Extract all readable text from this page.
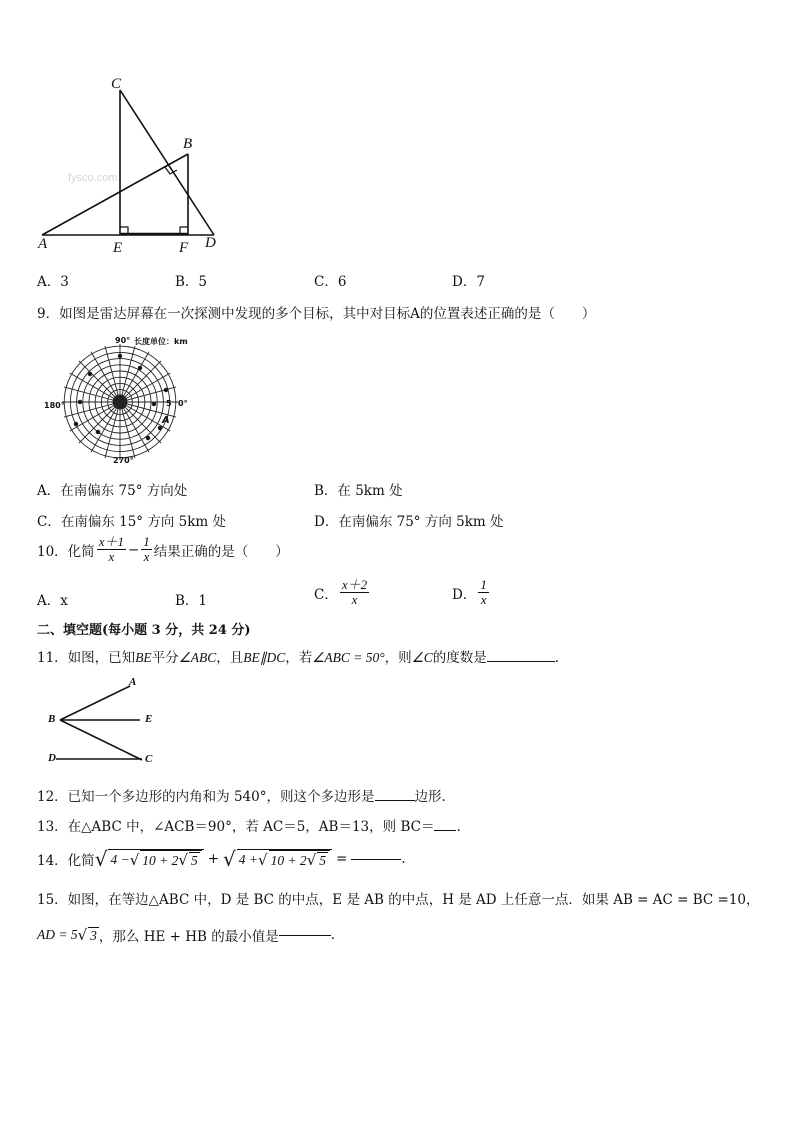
C
B
A	E	F D
fysco.com
A．3	B．5	C．6	D．7
9．如图是雷达屏幕在一次探测中发现的多个目标，其中对目标A的位置表述正确的是（　　）
长度单位：km
90°
180°	0°
270°
5
A
A．在南偏东 75° 方向处	B．在 5km 处
C．在南偏东 15° 方向 5km 处	D．在南偏东 75° 方向 5km 处
10．化简 $\frac{x+1}{x} - \frac{1}{x}$ 结果正确的是（　　）
A．x	B．1	C． $\frac{x+2}{x}$	D． $\frac{1}{x}$
二、填空题(每小题 3 分，共 24 分)
11．如图，已知BE平分∠ABC，且BE∥DC，若∠ABC = 50°，则∠C的度数是	.
A
B	E
D	C
12．已知一个多边形的内角和为 540°，则这个多边形是	边形.
13．在△ABC 中，∠ACB＝90°，若 AC＝5，AB＝13，则 BC＝ .
14．化简 √ 4 − √ 10 + 2√ 5 + √ 4 + √ 10 + 2√ 5 =	.
15．如图，在等边△ABC 中，D 是 BC 的中点，E 是 AB 的中点，H 是 AD 上任意一点．如果 AB = AC = BC =10，
AD = 5 √ 3 ，那么 HE + HB 的最小值是	.
